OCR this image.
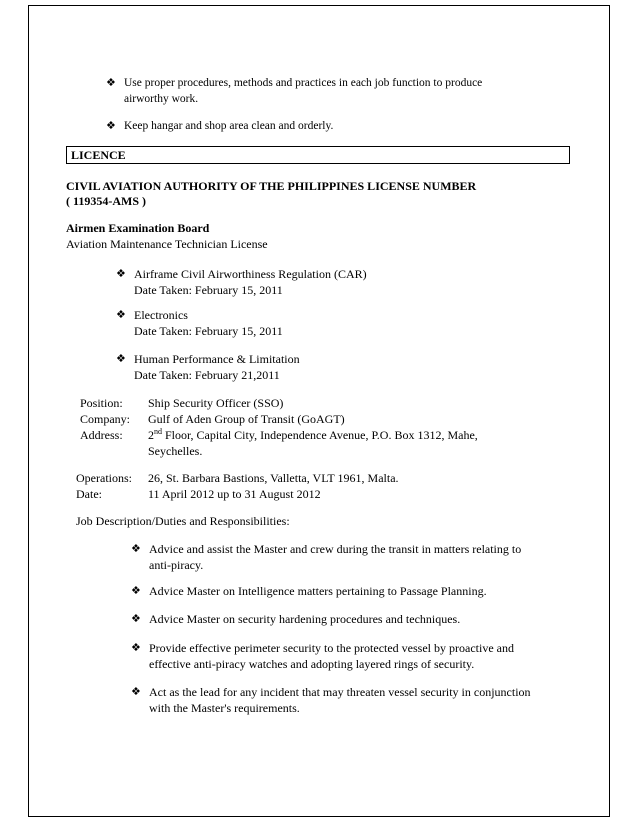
❖ Use proper procedures, methods and practices in each job function to produce
airworthy work.
❖ Keep hangar and shop area clean and orderly.
LICENCE
CIVIL AVIATION AUTHORITY OF THE PHILIPPINES LICENSE NUMBER
( 119354-AMS )
Airmen Examination Board
Aviation Maintenance Technician License
❖ Airframe Civil Airworthiness Regulation (CAR)
Date Taken: February 15, 2011
❖ Electronics
Date Taken: February 15, 2011
❖ Human Performance & Limitation
Date Taken: February 21,2011
Position: Ship Security Officer (SSO)
Company: Gulf of Aden Group of Transit (GoAGT)
Address: 2nd Floor, Capital City, Independence Avenue, P.O. Box 1312, Mahe,
Seychelles.
Operations: 26, St. Barbara Bastions, Valletta, VLT 1961, Malta.
Date:	11 April 2012 up to 31 August 2012
Job Description/Duties and Responsibilities:
❖ Advice and assist the Master and crew during the transit in matters relating to
anti-piracy.
❖ Advice Master on Intelligence matters pertaining to Passage Planning.
❖ Advice Master on security hardening procedures and techniques.
❖ Provide effective perimeter security to the protected vessel by proactive and
effective anti-piracy watches and adopting layered rings of security.
❖ Act as the lead for any incident that may threaten vessel security in conjunction
with the Master's requirements.
